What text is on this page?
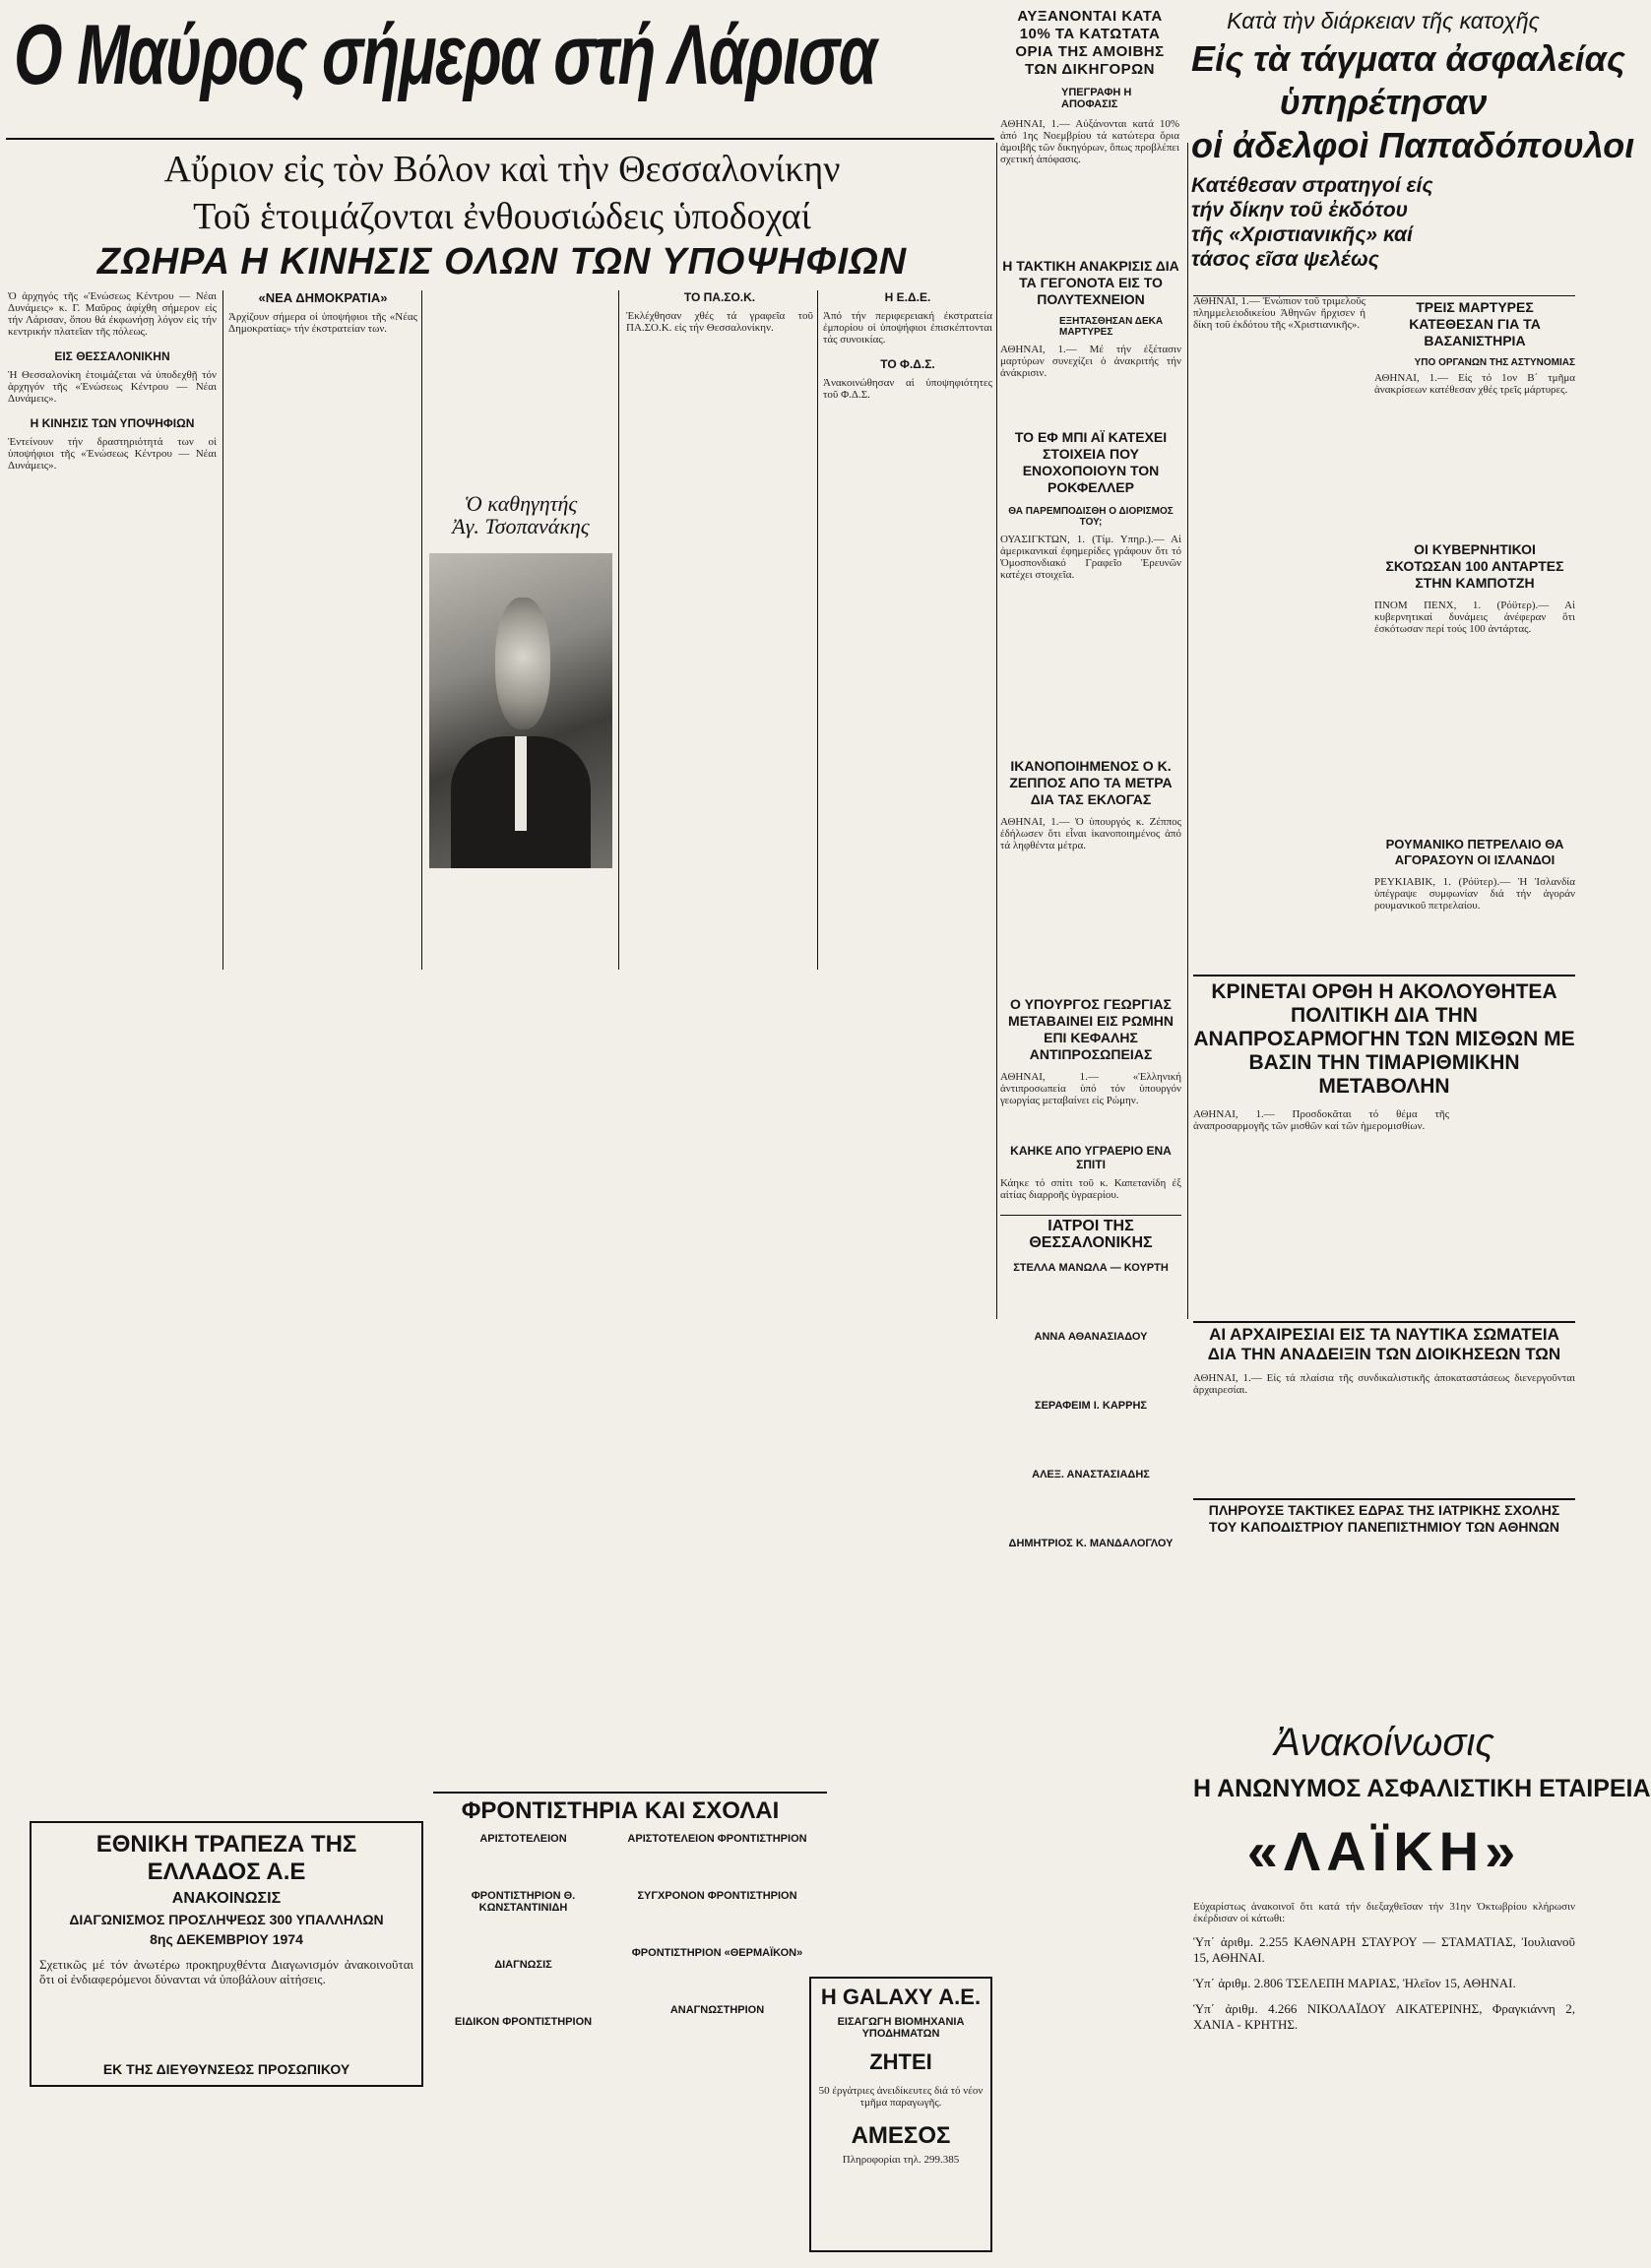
Ο Μαύρος σήμερα στή Λάρισα	ΑΥΞΑΝΟΝΤΑΙ ΚΑΤΑ 10% ΤΑ ΚΑΤΩΤΑΤΑ ΟΡΙΑ ΤΗΣ ΑΜΟΙΒΗΣ ΤΩΝ ΔΙΚΗΓΟΡΩΝ
ΥΠΕΓΡΑΦΗ Η ΑΠΟΦΑΣΙΣ
ΑΘΗΝΑΙ, 1.— Αὐξάνονται κατά 10% ἀπό 1ης Νοεμβρίου τά κατώτερα ὅρια ἀμοιβῆς τῶν δικηγόρων, ὅπως προβλέπει σχετική ἀπόφασις.
Κατὰ τὴν διάρκειαν τῆς κατοχῆς
Εἰς τὰ τάγματα ἀσφαλείας
ὑπηρέτησαν
οἱ ἀδελφοὶ Παπαδόπουλοι
Κατέθεσαν στρατηγοί είς τήν δίκην τοῦ ἐκδότου τῆς «Χριστιανικῆς» καί τάσος εῖσα ψελέως
Αὔριον εἰς τὸν Βόλον καὶ τὴν Θεσσαλονίκην
Τοῦ ἑτοιμάζονται ἐνθουσιώδεις ὑποδοχαί
ΖΩΗΡΑ Η ΚΙΝΗΣΙΣ ΟΛΩΝ ΤΩΝ ΥΠΟΨΗΦΙΩΝ
Ὁ ἀρχηγός τῆς «Ἑνώσεως Κέντρου — Νέαι Δυνάμεις» κ. Γ. Μαῦρος ἀφίχθη σήμερον εἰς τήν Λάρισαν, ὅπου θά ἐκφωνήσῃ λόγον εἰς τήν κεντρικήν πλατεῖαν τῆς πόλεως.
ΕΙΣ ΘΕΣΣΑΛΟΝΙΚΗΝ
Ἡ Θεσσαλονίκη ἑτοιμάζεται νά ὑποδεχθῇ τόν ἀρχηγόν τῆς «Ἑνώσεως Κέντρου — Νέαι Δυνάμεις».
Η ΚΙΝΗΣΙΣ ΤΩΝ ΥΠΟΨΗΦΙΩΝ
Ἐντείνουν τήν δραστηριότητά των οἱ ὑποψήφιοι τῆς «Ἑνώσεως Κέντρου — Νέαι Δυνάμεις».
«ΝΕΑ ΔΗΜΟΚΡΑΤΙΑ»
Ἀρχίζουν σήμερα οἱ ὑποψήφιοι τῆς «Νέας Δημοκρατίας» τήν ἐκστρατείαν των.
Ὁ καθηγητής
Ἀγ. Τσοπανάκης
ΤΟ ΠΑ.ΣΟ.Κ.
Ἐκλέχθησαν χθές τά γραφεῖα τοῦ ΠΑ.ΣΟ.Κ. εἰς τήν Θεσσαλονίκην.
Η Ε.Δ.Ε.
Ἀπό τήν περιφερειακή ἐκστρατεία ἐμπορίου οἱ ὑποψήφιοι ἐπισκέπτονται τάς συνοικίας.
ΤΟ Φ.Δ.Σ.
Ἀνακοινώθησαν αἱ ὑποψηφιότητες τοῦ Φ.Δ.Σ.
Η ΤΑΚΤΙΚΗ ΑΝΑΚΡΙΣΙΣ ΔΙΑ ΤΑ ΓΕΓΟΝΟΤΑ ΕΙΣ ΤΟ ΠΟΛΥΤΕΧΝΕΙΟΝ
ΕΞΗΤΑΣΘΗΣΑΝ ΔΕΚΑ ΜΑΡΤΥΡΕΣ
ΑΘΗΝΑΙ, 1.— Μέ τήν ἐξέτασιν μαρτύρων συνεχίζει ὁ ἀνακριτής τήν ἀνάκρισιν.
ΤΟ ΕΦ ΜΠΙ ΑΪ ΚΑΤΕΧΕΙ ΣΤΟΙΧΕΙΑ ΠΟΥ ΕΝΟΧΟΠΟΙΟΥΝ ΤΟΝ ΡΟΚΦΕΛΛΕΡ
ΘΑ ΠΑΡΕΜΠΟΔΙΣΘΗ Ο ΔΙΟΡΙΣΜΟΣ ΤΟΥ;
ΟΥΑΣΙΓΚΤΩΝ, 1. (Τίμ. Υπηρ.).— Αἱ ἀμερικανικαί ἐφημερίδες γράφουν ὅτι τό Ὁμοσπονδιακό Γραφεῖο Ἐρευνῶν κατέχει στοιχεῖα.
ΙΚΑΝΟΠΟΙΗΜΕΝΟΣ Ο Κ. ΖΕΠΠΟΣ ΑΠΟ ΤΑ ΜΕΤΡΑ ΔΙΑ ΤΑΣ ΕΚΛΟΓΑΣ
ΑΘΗΝΑΙ, 1.— Ὁ ὑπουργός κ. Ζέππος ἐδήλωσεν ὅτι εἶναι ἱκανοποιημένος ἀπό τά ληφθέντα μέτρα.
Ο ΥΠΟΥΡΓΟΣ ΓΕΩΡΓΙΑΣ ΜΕΤΑΒΑΙΝΕΙ ΕΙΣ ΡΩΜΗΝ ΕΠΙ ΚΕΦΑΛΗΣ ΑΝΤΙΠΡΟΣΩΠΕΙΑΣ
ΑΘΗΝΑΙ, 1.— «Ἑλληνική ἀντιπροσωπεία ὑπό τόν ὑπουργόν γεωργίας μεταβαίνει εἰς Ρώμην.
ΚΑΗΚΕ ΑΠΟ ΥΓΡΑΕΡΙΟ ΕΝΑ ΣΠΙΤΙ
Κάηκε τό σπίτι τοῦ κ. Καπετανίδη ἐξ αἰτίας διαρροῆς ὑγραερίου.
ΙΑΤΡΟΙ ΤΗΣ ΘΕΣΣΑΛΟΝΙΚΗΣ
ΣΤΕΛΛΑ ΜΑΝΩΛΑ — ΚΟΥΡΤΗ
ΑΝΝΑ ΑΘΑΝΑΣΙΑΔΟΥ
ΣΕΡΑΦΕΙΜ Ι. ΚΑΡΡΗΣ
ΑΛΕΞ. ΑΝΑΣΤΑΣΙΑΔΗΣ
ΔΗΜΗΤΡΙΟΣ Κ. ΜΑΝΔΑΛΟΓΛΟΥ
ΑΘΗΝΑΙ, 1.— Ἐνώπιον τοῦ τριμελοῦς πλημμελειοδικείου Ἀθηνῶν ἤρχισεν ἡ δίκη τοῦ ἐκδότου τῆς «Χριστιανικῆς».
ΤΡΕΙΣ ΜΑΡΤΥΡΕΣ ΚΑΤΕΘΕΣΑΝ ΓΙΑ ΤΑ ΒΑΣΑΝΙΣΤΗΡΙΑ
ΥΠΟ ΟΡΓΑΝΩΝ ΤΗΣ ΑΣΤΥΝΟΜΙΑΣ
ΑΘΗΝΑΙ, 1.— Εἰς τό 1ον Β΄ τμῆμα ἀνακρίσεων κατέθεσαν χθές τρεῖς μάρτυρες.
ΟΙ ΚΥΒΕΡΝΗΤΙΚΟΙ ΣΚΟΤΩΣΑΝ 100 ΑΝΤΑΡΤΕΣ ΣΤΗΝ ΚΑΜΠΟΤΖΗ
ΠΝΟΜ ΠΕΝΧ, 1. (Ρόϋτερ).— Αἱ κυβερνητικαί δυνάμεις ἀνέφεραν ὅτι ἐσκότωσαν περί τούς 100 ἀντάρτας.
ΡΟΥΜΑΝΙΚΟ ΠΕΤΡΕΛΑΙΟ ΘΑ ΑΓΟΡΑΣΟΥΝ ΟΙ ΙΣΛΑΝΔΟΙ
ΡΕΥΚΙΑΒΙΚ, 1. (Ρόϋτερ).— Ἡ Ἰσλανδία ὑπέγραψε συμφωνίαν διά τήν ἀγοράν ρουμανικοῦ πετρελαίου.
ΚΡΙΝΕΤΑΙ ΟΡΘΗ Η ΑΚΟΛΟΥΘΗΤΕΑ ΠΟΛΙΤΙΚΗ ΔΙΑ ΤΗΝ ΑΝΑΠΡΟΣΑΡΜΟΓΗΝ ΤΩΝ ΜΙΣΘΩΝ ΜΕ ΒΑΣΙΝ ΤΗΝ ΤΙΜΑΡΙΘΜΙΚΗΝ ΜΕΤΑΒΟΛΗΝ
ΑΘΗΝΑΙ, 1.— Προσδοκᾶται τό θέμα τῆς ἀναπροσαρμογῆς τῶν μισθῶν καί τῶν ἡμερομισθίων.
ΑΙ ΑΡΧΑΙΡΕΣΙΑΙ ΕΙΣ ΤΑ ΝΑΥΤΙΚΑ ΣΩΜΑΤΕΙΑ ΔΙΑ ΤΗΝ ΑΝΑΔΕΙΞΙΝ ΤΩΝ ΔΙΟΙΚΗΣΕΩΝ ΤΩΝ
ΑΘΗΝΑΙ, 1.— Εἰς τά πλαίσια τῆς συνδικαλιστικῆς ἀποκαταστάσεως διενεργοῦνται ἀρχαιρεσίαι.
ΠΛΗΡΟΥΣΕ ΤΑΚΤΙΚΕΣ ΕΔΡΑΣ ΤΗΣ ΙΑΤΡΙΚΗΣ ΣΧΟΛΗΣ ΤΟΥ ΚΑΠΟΔΙΣΤΡΙΟΥ ΠΑΝΕΠΙΣΤΗΜΙΟΥ ΤΩΝ ΑΘΗΝΩΝ
Ἀνακοίνωσις
Η ΑΝΩΝΥΜΟΣ ΑΣΦΑΛΙΣΤΙΚΗ ΕΤΑΙΡΕΙΑ
«ΛΑΪΚΗ»
Εὐχαρίστως ἀνακοινοῖ ὅτι κατά τήν διεξαχθεῖσαν τήν 31ην Ὀκτωβρίου κλήρωσιν ἐκέρδισαν οἱ κάτωθι:
Ὑπ΄ ἀριθμ. 2.255 ΚΑΘΝΑΡΗ ΣΤΑΥΡΟΥ — ΣΤΑΜΑΤΙΑΣ, Ἰουλιανοῦ 15, ΑΘΗΝΑΙ.
Ὑπ΄ ἀριθμ. 2.806 ΤΣΕΛΕΠΗ ΜΑΡΙΑΣ, Ἠλεῖον 15, ΑΘΗΝΑΙ.
Ὑπ΄ ἀριθμ. 4.266 ΝΙΚΟΛΑΪΔΟΥ ΑΙΚΑΤΕΡΙΝΗΣ, Φραγκιάννη 2, ΧΑΝΙΑ - ΚΡΗΤΗΣ.
ΕΘΝΙΚΗ ΤΡΑΠΕΖΑ ΤΗΣ ΕΛΛΑΔΟΣ Α.Ε
ΑΝΑΚΟΙΝΩΣΙΣ
ΔΙΑΓΩΝΙΣΜΟΣ ΠΡΟΣΛΗΨΕΩΣ 300 ΥΠΑΛΛΗΛΩΝ
8ης ΔΕΚΕΜΒΡΙΟΥ 1974
Σχετικῶς μέ τόν ἀνωτέρω προκηρυχθέντα Διαγωνισμόν ἀνακοινοῦται ὅτι οἱ ἐνδιαφερόμενοι δύνανται νά ὑποβάλουν αἰτήσεις.
ΕΚ ΤΗΣ ΔΙΕΥΘΥΝΣΕΩΣ ΠΡΟΣΩΠΙΚΟΥ
ΦΡΟΝΤΙΣΤΗΡΙΑ ΚΑΙ ΣΧΟΛΑΙ
ΑΡΙΣΤΟΤΕΛΕΙΟΝ
ΦΡΟΝΤΙΣΤΗΡΙΟΝ Θ. ΚΩΝΣΤΑΝΤΙΝΙΔΗ
ΔΙΑΓΝΩΣΙΣ
ΕΙΔΙΚΟΝ ΦΡΟΝΤΙΣΤΗΡΙΟΝ
ΑΡΙΣΤΟΤΕΛΕΙΟΝ ΦΡΟΝΤΙΣΤΗΡΙΟΝ
ΣΥΓΧΡΟΝΟΝ ΦΡΟΝΤΙΣΤΗΡΙΟΝ
ΦΡΟΝΤΙΣΤΗΡΙΟΝ «ΘΕΡΜΑΪΚΟΝ»
ΑΝΑΓΝΩΣΤΗΡΙΟΝ
Η GALAXY Α.Ε.
ΕΙΣΑΓΩΓΗ ΒΙΟΜΗΧΑΝΙΑ ΥΠΟΔΗΜΑΤΩΝ
ΖΗΤΕΙ
50 ἐργάτριες ἀνειδίκευτες διά τό νέον τμῆμα παραγωγῆς.
ΑΜΕΣΟΣ
Πληροφορίαι τηλ. 299.385
